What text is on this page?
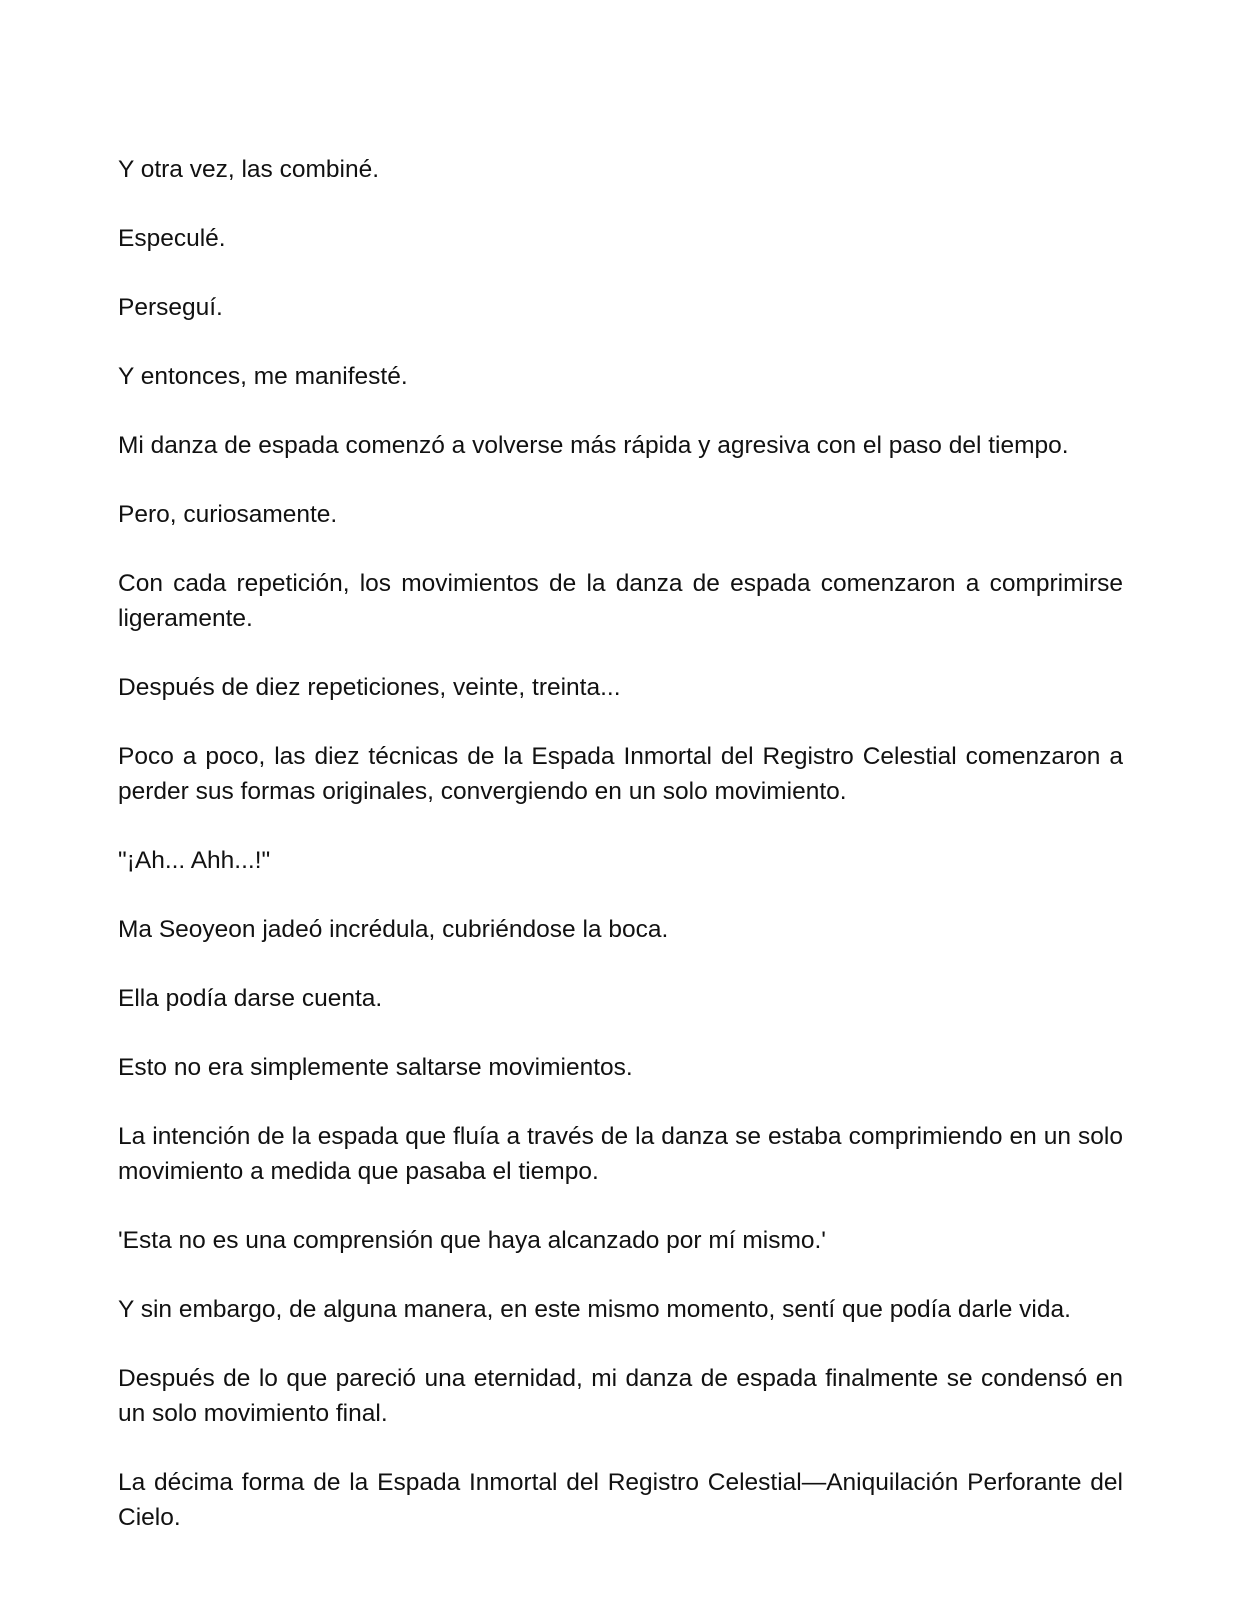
Y otra vez, las combiné.

Especulé.

Perseguí.

Y entonces, me manifesté.

Mi danza de espada comenzó a volverse más rápida y agresiva con el paso del tiempo.

Pero, curiosamente.

Con cada repetición, los movimientos de la danza de espada comenzaron a comprimirse ligeramente.

Después de diez repeticiones, veinte, treinta...

Poco a poco, las diez técnicas de la Espada Inmortal del Registro Celestial comenzaron a perder sus formas originales, convergiendo en un solo movimiento.

"¡Ah... Ahh...!"

Ma Seoyeon jadeó incrédula, cubriéndose la boca.

Ella podía darse cuenta.

Esto no era simplemente saltarse movimientos.

La intención de la espada que fluía a través de la danza se estaba comprimiendo en un solo movimiento a medida que pasaba el tiempo.

'Esta no es una comprensión que haya alcanzado por mí mismo.'

Y sin embargo, de alguna manera, en este mismo momento, sentí que podía darle vida.

Después de lo que pareció una eternidad, mi danza de espada finalmente se condensó en un solo movimiento final.

La décima forma de la Espada Inmortal del Registro Celestial—Aniquilación Perforante del Cielo.
